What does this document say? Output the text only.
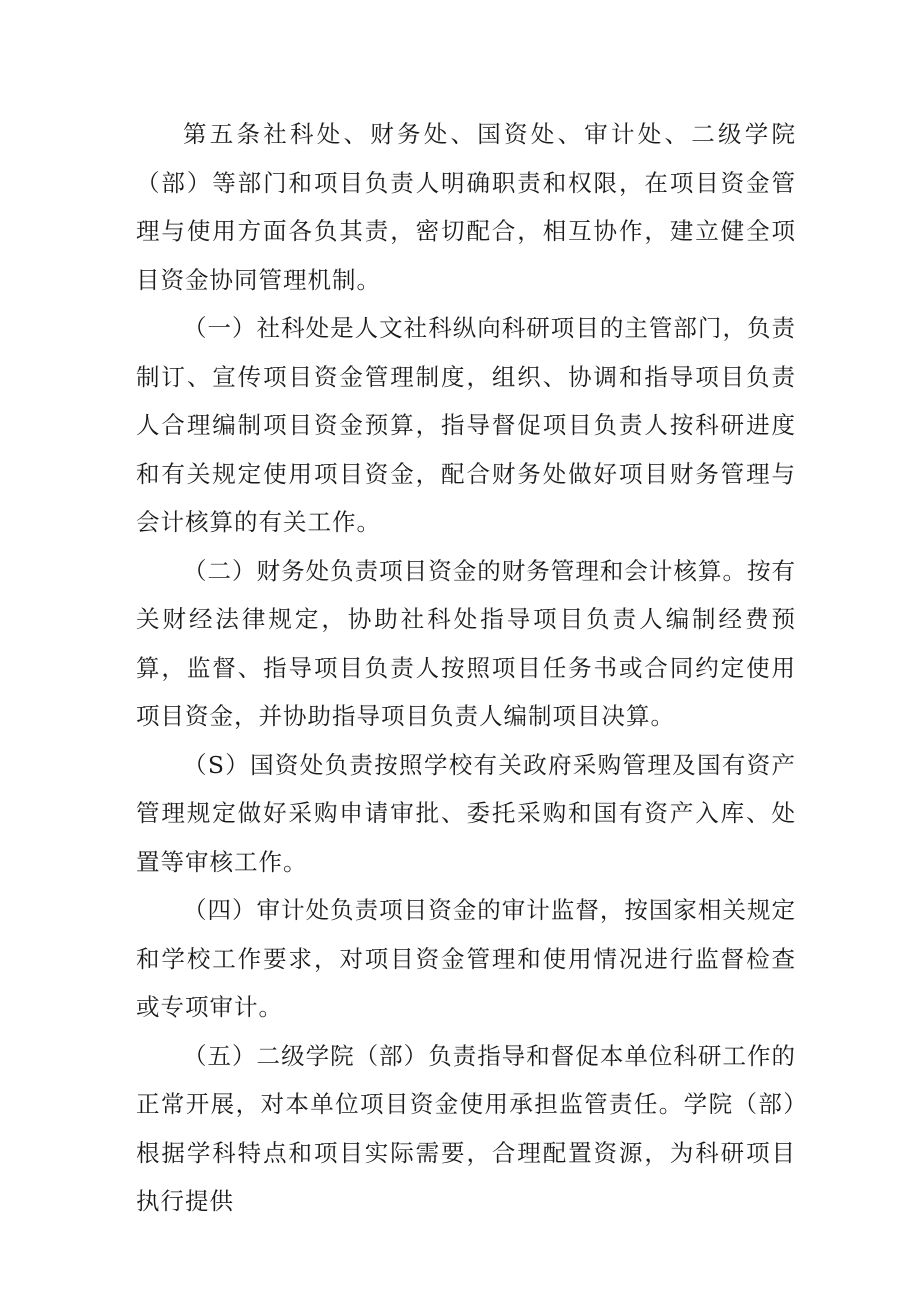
第五条社科处、财务处、国资处、审计处、二级学院（部）等部门和项目负责人明确职责和权限，在项目资金管理与使用方面各负其责，密切配合，相互协作，建立健全项目资金协同管理机制。

（一）社科处是人文社科纵向科研项目的主管部门，负责制订、宣传项目资金管理制度，组织、协调和指导项目负责人合理编制项目资金预算，指导督促项目负责人按科研进度和有关规定使用项目资金，配合财务处做好项目财务管理与会计核算的有关工作。

（二）财务处负责项目资金的财务管理和会计核算。按有关财经法律规定，协助社科处指导项目负责人编制经费预算，监督、指导项目负责人按照项目任务书或合同约定使用项目资金，并协助指导项目负责人编制项目决算。

（S）国资处负责按照学校有关政府采购管理及国有资产管理规定做好采购申请审批、委托采购和国有资产入库、处置等审核工作。

（四）审计处负责项目资金的审计监督，按国家相关规定和学校工作要求，对项目资金管理和使用情况进行监督检查或专项审计。

（五）二级学院（部）负责指导和督促本单位科研工作的正常开展，对本单位项目资金使用承担监管责任。学院（部）根据学科特点和项目实际需要，合理配置资源，为科研项目执行提供
